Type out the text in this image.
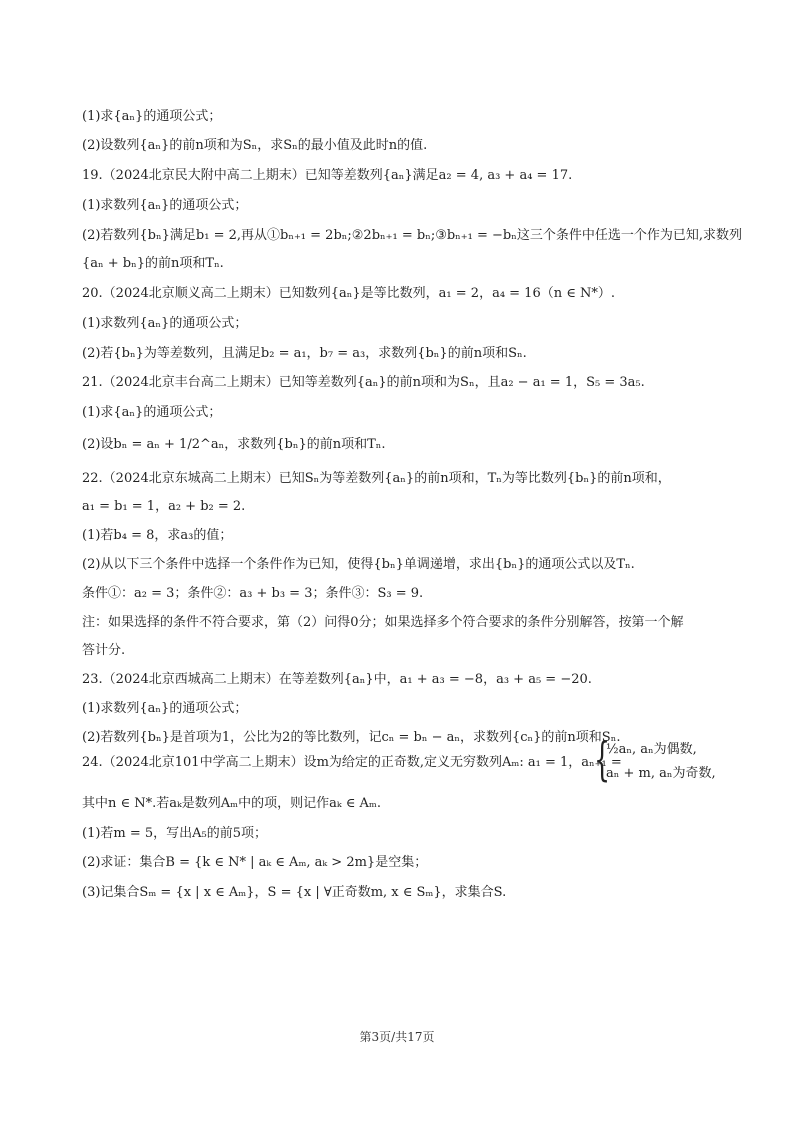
(1)求{aₙ}的通项公式；
(2)设数列{aₙ}的前n项和为Sₙ，求Sₙ的最小值及此时n的值.
19.（2024北京民大附中高二上期末）已知等差数列{aₙ}满足a₂ = 4, a₃ + a₄ = 17.
(1)求数列{aₙ}的通项公式；
(2)若数列{bₙ}满足b₁ = 2,再从①bₙ₊₁ = 2bₙ;②2bₙ₊₁ = bₙ;③bₙ₊₁ = −bₙ这三个条件中任选一个作为已知,求数列
{aₙ + bₙ}的前n项和Tₙ.
20.（2024北京顺义高二上期末）已知数列{aₙ}是等比数列，a₁ = 2，a₄ = 16（n ∈ N*）.
(1)求数列{aₙ}的通项公式；
(2)若{bₙ}为等差数列，且满足b₂ = a₁，b₇ = a₃，求数列{bₙ}的前n项和Sₙ.
21.（2024北京丰台高二上期末）已知等差数列{aₙ}的前n项和为Sₙ，且a₂ − a₁ = 1，S₅ = 3a₅.
(1)求{aₙ}的通项公式；
(2)设bₙ = aₙ + 1/2^aₙ，求数列{bₙ}的前n项和Tₙ.
22.（2024北京东城高二上期末）已知Sₙ为等差数列{aₙ}的前n项和，Tₙ为等比数列{bₙ}的前n项和，
a₁ = b₁ = 1，a₂ + b₂ = 2.
(1)若b₄ = 8，求a₃的值；
(2)从以下三个条件中选择一个条件作为已知，使得{bₙ}单调递增，求出{bₙ}的通项公式以及Tₙ.
条件①：a₂ = 3；条件②：a₃ + b₃ = 3；条件③：S₃ = 9.
注：如果选择的条件不符合要求，第（2）问得0分；如果选择多个符合要求的条件分别解答，按第一个解
答计分.
23.（2024北京西城高二上期末）在等差数列{aₙ}中，a₁ + a₃ = −8，a₃ + a₅ = −20.
(1)求数列{aₙ}的通项公式；
(2)若数列{bₙ}是首项为1，公比为2的等比数列，记cₙ = bₙ − aₙ，求数列{cₙ}的前n项和Sₙ.
24.（2024北京101中学高二上期末）设m为给定的正奇数,定义无穷数列Aₘ: a₁ = 1，aₙ₊₁ =
其中n ∈ N*.若aₖ是数列Aₘ中的项，则记作aₖ ∈ Aₘ.
(1)若m = 5，写出A₅的前5项；
(2)求证：集合B = {k ∈ N* | aₖ ∈ Aₘ, aₖ > 2m}是空集；
(3)记集合Sₘ = {x | x ∈ Aₘ}，S = {x | ∀正奇数m, x ∈ Sₘ}，求集合S.
{
½aₙ, aₙ为偶数,
aₙ + m, aₙ为奇数,
第3页/共17页
